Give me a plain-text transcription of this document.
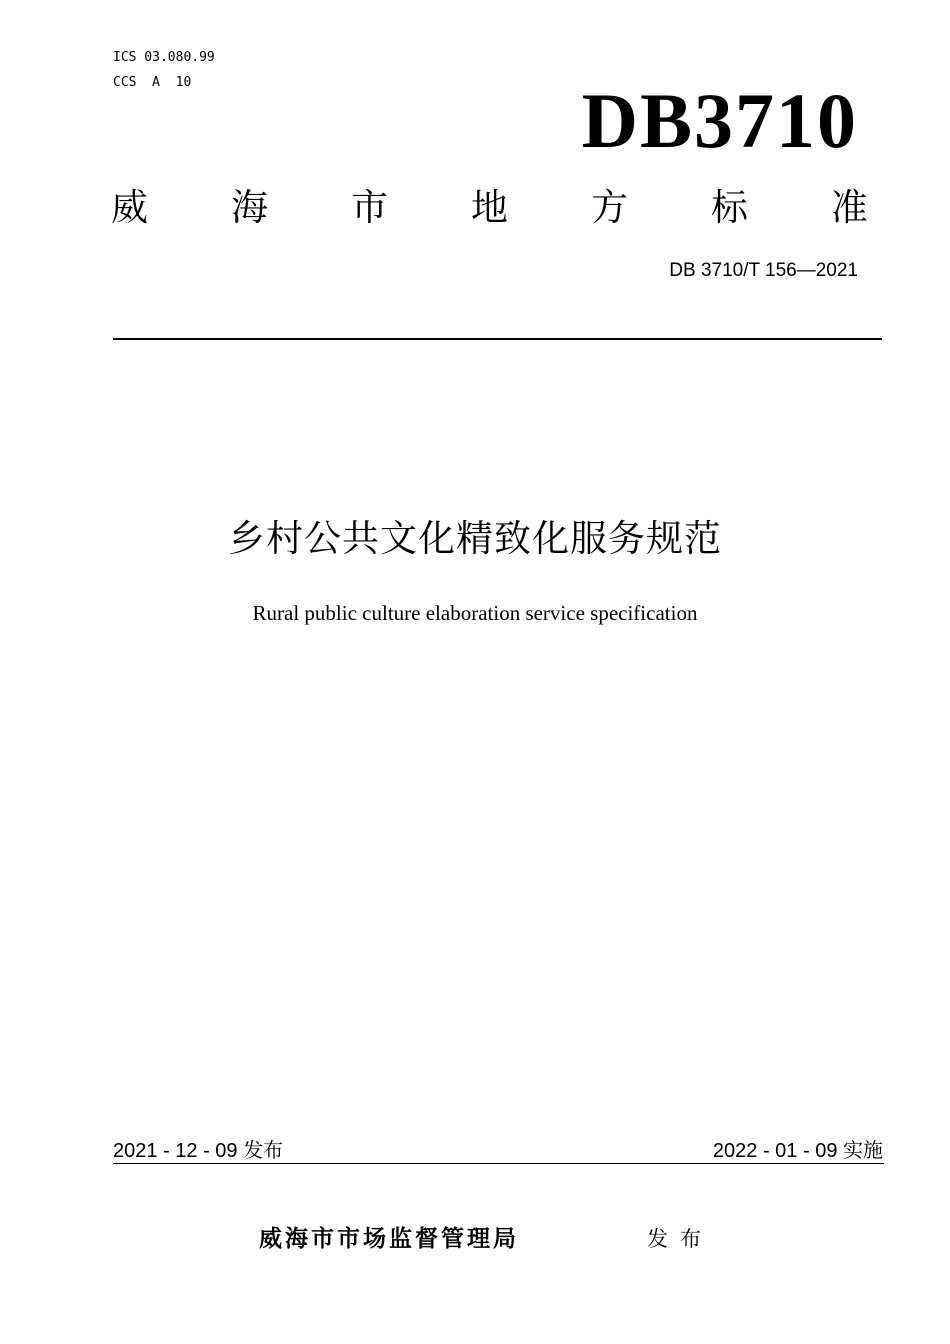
ICS 03.080.99
CCS  A  10	DB3710
威 海 市 地 方 标 准
DB 3710/T 156—2021
乡村公共文化精致化服务规范
Rural public culture elaboration service specification
2021 - 12 - 09 发布	2022 - 01 - 09 实施
威海市市场监督管理局	发布
